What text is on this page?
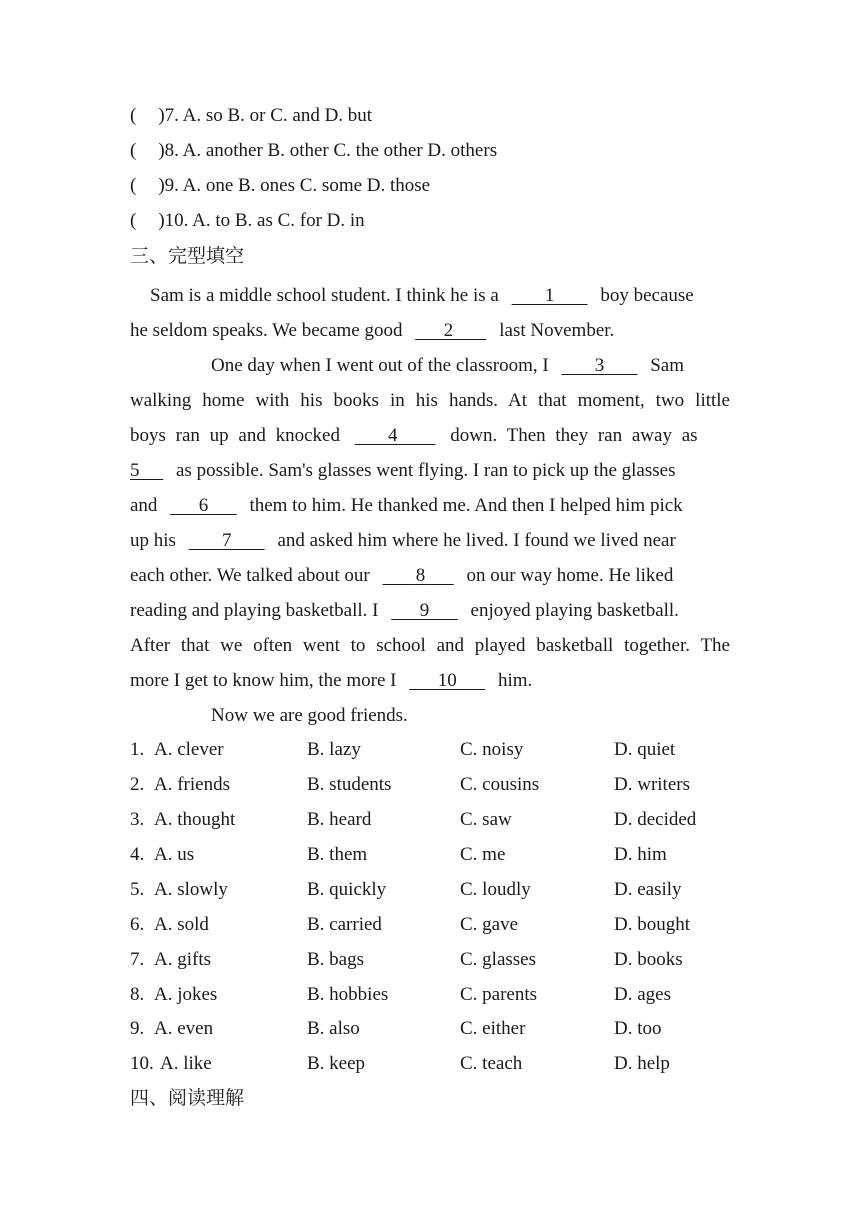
( )7. A. so B. or C. and D. but
( )8. A. another B. other C. the other D. others
( )9. A. one B. ones C. some D. those
( )10. A. to B. as C. for D. in
三、完型填空
Sam is a middle school student. I think he is a 1 boy because
he seldom speaks. We became good 2 last November.
One day when I went out of the classroom, I 3 Sam
walking home with his books in his hands. At that moment, two little
boys ran up and knocked	4	down. Then they ran away as
5 as possible. Sam's glasses went flying. I ran to pick up the glasses
and 6 them to him. He thanked me. And then I helped him pick
up his 7 and asked him where he lived. I found we lived near
each other. We talked about our 8 on our way home. He liked
reading and playing basketball. I 9 enjoyed playing basketball.
After that we often went to school and played basketball together. The
more I get to know him, the more I 10 him.
Now we are good friends.
1. A. clever	B. lazy	C. noisy	D. quiet
2. A. friends	B. students	C. cousins	D. writers
3. A. thought	B. heard	C. saw	D. decided
4. A. us	B. them	C. me	D. him
5. A. slowly	B. quickly	C. loudly	D. easily
6. A. sold	B. carried	C. gave	D. bought
7. A. gifts	B. bags	C. glasses	D. books
8. A. jokes	B. hobbies	C. parents	D. ages
9. A. even	B. also	C. either	D. too
10. A. like	B. keep	C. teach	D. help
四、阅读理解
